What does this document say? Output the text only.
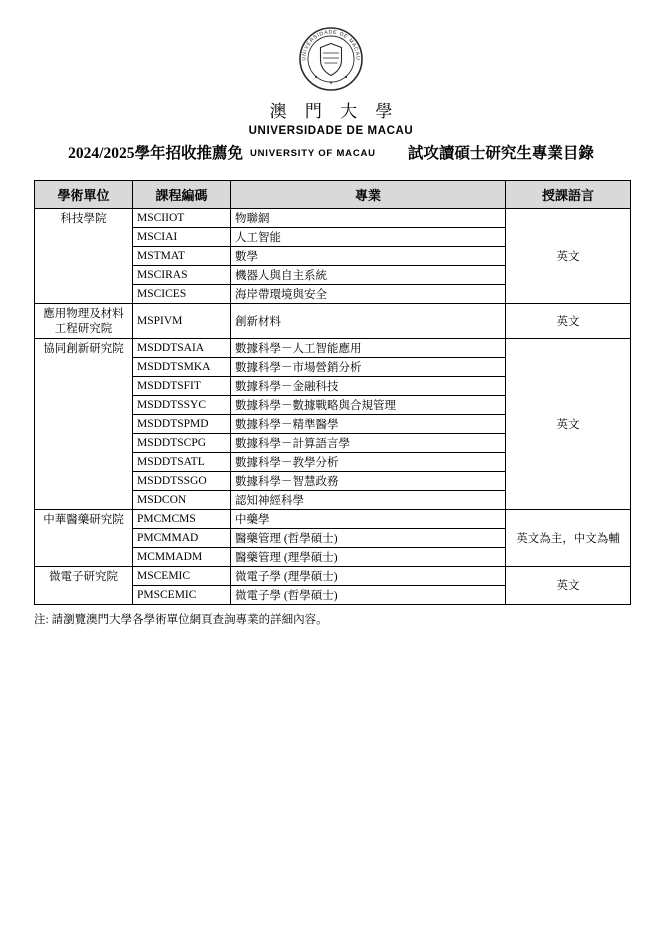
UNIVERSIDADE DE MACAU
澳 門 大 學
UNIVERSIDADE DE MACAU
2024/2025學年招收推薦免 UNIVERSITY OF MACAU 試攻讀碩士研究生專業目錄
學術單位	課程編碼	專業	授課語言
科技學院	MSCIIOT	物聯網	英文
	MSCIAI	人工智能	
	MSTMAT	數學	
	MSCIRAS	機器人與自主系統	
	MSCICES	海岸帶環境與安全	
應用物理及材料工程研究院	MSPIVM	創新材料	英文
協同創新研究院	MSDDTSAIA	數據科學－人工智能應用	英文
	MSDDTSMKA	數據科學－市場營銷分析	
	MSDDTSFIT	數據科學－金融科技	
	MSDDTSSYC	數據科學－數據戰略與合規管理	
	MSDDTSPMD	數據科學－精準醫學	
	MSDDTSCPG	數據科學－計算語言學	
	MSDDTSATL	數據科學－教學分析	
	MSDDTSSGO	數據科學－智慧政務	
	MSDCON	認知神經科學	
中華醫藥研究院	PMCMCMS	中藥學	英文為主，中文為輔
	PMCMMAD	醫藥管理 (哲學碩士)	
	MCMMADM	醫藥管理 (理學碩士)	
微電子研究院	MSCEMIC	微電子學 (理學碩士)	英文
	PMSCEMIC	微電子學 (哲學碩士)	
注: 請瀏覽澳門大學各學術單位網頁查詢專業的詳細內容。
